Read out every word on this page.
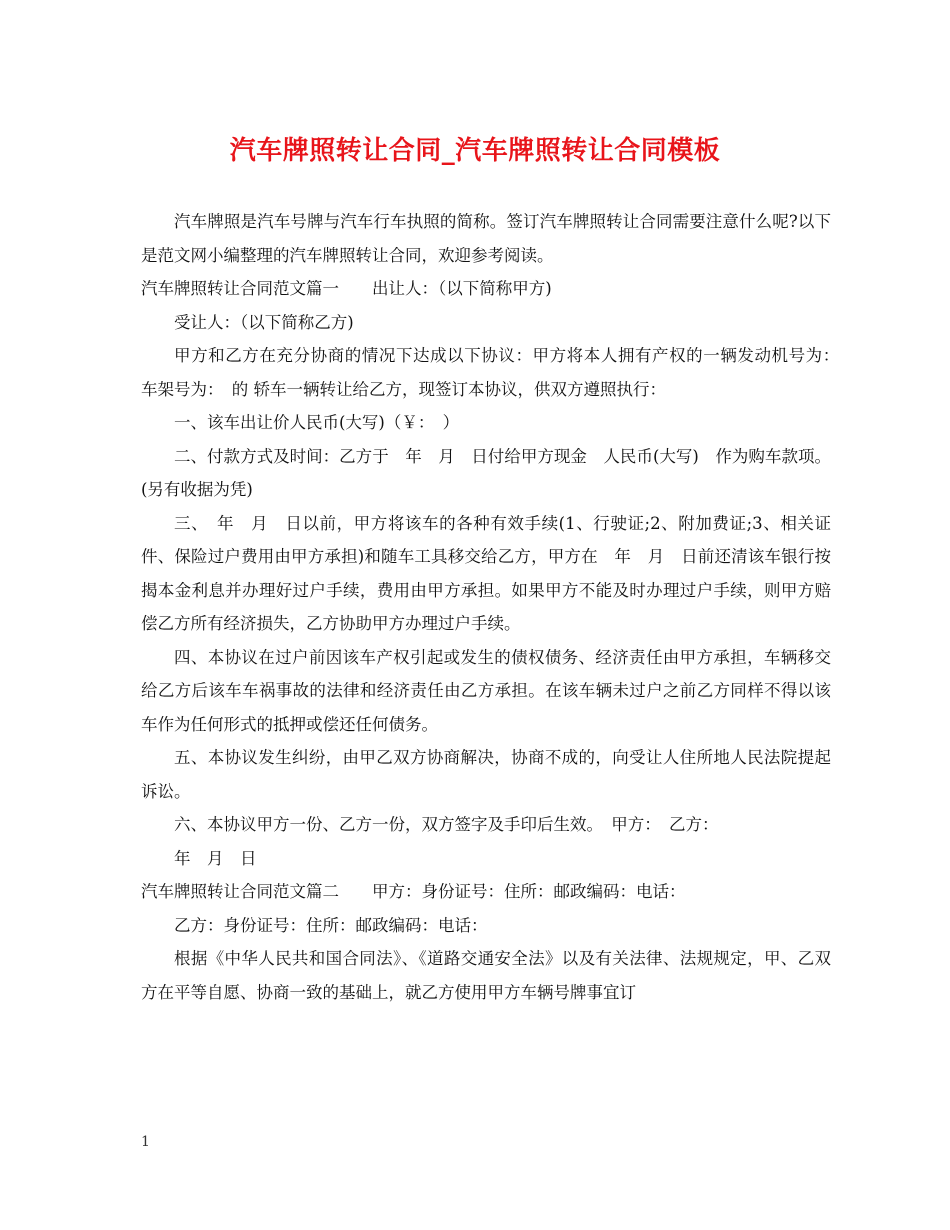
汽车牌照转让合同_汽车牌照转让合同模板

汽车牌照是汽车号牌与汽车行车执照的简称。签订汽车牌照转让合同需要注意什么呢?以下是范文网小编整理的汽车牌照转让合同，欢迎参考阅读。

汽车牌照转让合同范文篇一　　出让人：（以下简称甲方)

受让人：（以下简称乙方)

甲方和乙方在充分协商的情况下达成以下协议：甲方将本人拥有产权的一辆发动机号为：　车架号为：　的 轿车一辆转让给乙方，现签订本协议，供双方遵照执行：

一、该车出让价人民币(大写)（￥：　）

二、付款方式及时间：乙方于　年　月　日付给甲方现金　人民币(大写)　作为购车款项。(另有收据为凭)

三、　年　月　日以前，甲方将该车的各种有效手续(1、行驶证;2、附加费证;3、相关证件、保险过户费用由甲方承担)和随车工具移交给乙方，甲方在　年　月　日前还清该车银行按揭本金利息并办理好过户手续，费用由甲方承担。如果甲方不能及时办理过户手续，则甲方赔偿乙方所有经济损失，乙方协助甲方办理过户手续。

四、本协议在过户前因该车产权引起或发生的债权债务、经济责任由甲方承担，车辆移交给乙方后该车车祸事故的法律和经济责任由乙方承担。在该车辆未过户之前乙方同样不得以该车作为任何形式的抵押或偿还任何债务。

五、本协议发生纠纷，由甲乙双方协商解决，协商不成的，向受让人住所地人民法院提起诉讼。

六、本协议甲方一份、乙方一份，双方签字及手印后生效。　甲方：　乙方：

年　月　日

汽车牌照转让合同范文篇二　　甲方：身份证号：住所：邮政编码：电话：

乙方：身份证号：住所：邮政编码：电话：

根据《中华人民共和国合同法》、《道路交通安全法》以及有关法律、法规规定，甲、乙双方在平等自愿、协商一致的基础上，就乙方使用甲方车辆号牌事宜订

1
